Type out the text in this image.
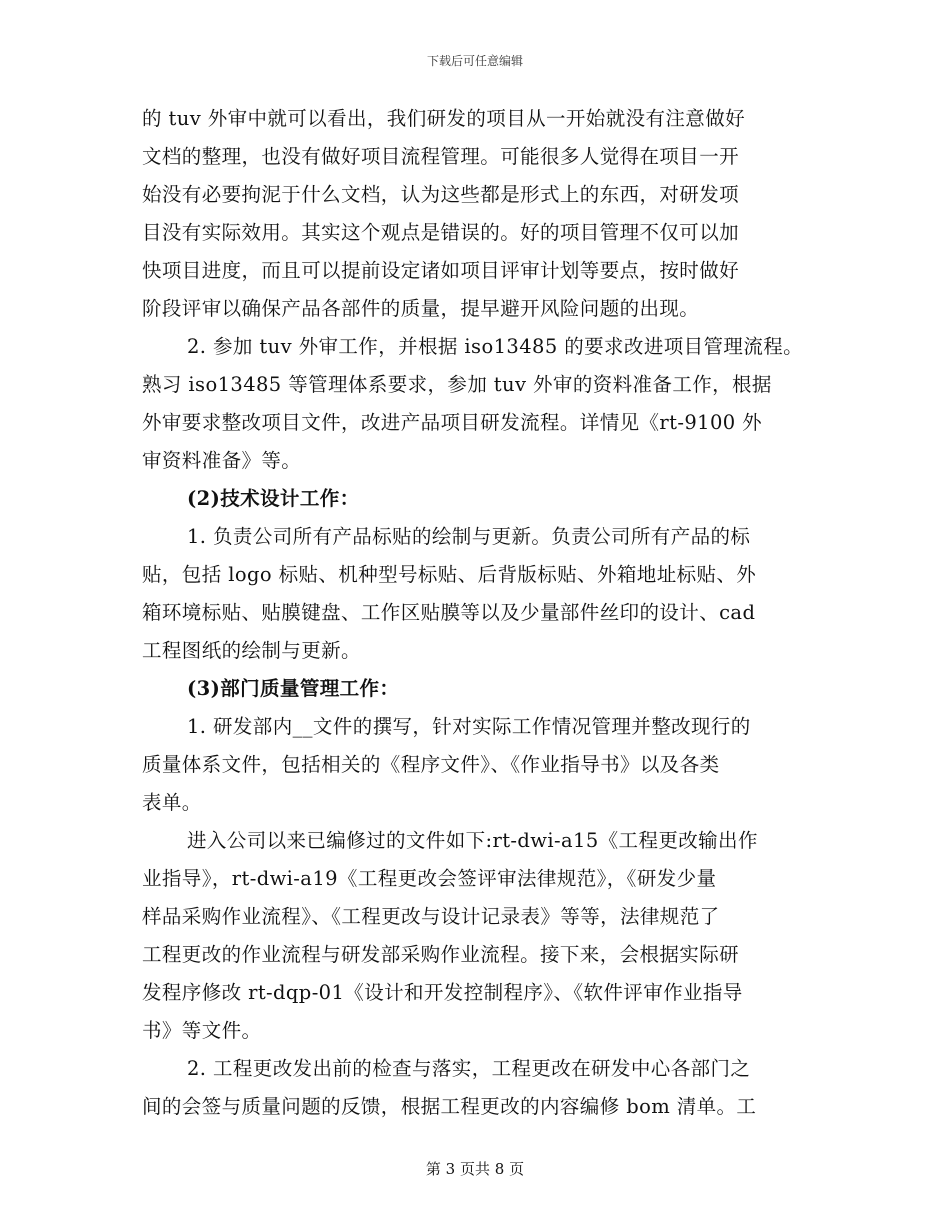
下载后可任意编辑
的 tuv 外审中就可以看出，我们研发的项目从一开始就没有注意做好
文档的整理，也没有做好项目流程管理。可能很多人觉得在项目一开
始没有必要拘泥于什么文档，认为这些都是形式上的东西，对研发项
目没有实际效用。其实这个观点是错误的。好的项目管理不仅可以加
快项目进度，而且可以提前设定诸如项目评审计划等要点，按时做好
阶段评审以确保产品各部件的质量，提早避开风险问题的出现。
2. 参加 tuv 外审工作，并根据 iso13485 的要求改进项目管理流程。
熟习 iso13485 等管理体系要求，参加 tuv 外审的资料准备工作，根据
外审要求整改项目文件，改进产品项目研发流程。详情见《rt-9100 外
审资料准备》等。
(2)技术设计工作：
1. 负责公司所有产品标贴的绘制与更新。负责公司所有产品的标
贴，包括 logo 标贴、机种型号标贴、后背版标贴、外箱地址标贴、外
箱环境标贴、贴膜键盘、工作区贴膜等以及少量部件丝印的设计、cad
工程图纸的绘制与更新。
(3)部门质量管理工作：
1. 研发部内__文件的撰写，针对实际工作情况管理并整改现行的
质量体系文件，包括相关的《程序文件》、《作业指导书》以及各类
表单。
进入公司以来已编修过的文件如下:rt-dwi-a15《工程更改输出作
业指导》，rt-dwi-a19《工程更改会签评审法律规范》，《研发少量
样品采购作业流程》、《工程更改与设计记录表》等等，法律规范了
工程更改的作业流程与研发部采购作业流程。接下来，会根据实际研
发程序修改 rt-dqp-01《设计和开发控制程序》、《软件评审作业指导
书》等文件。
2. 工程更改发出前的检查与落实，工程更改在研发中心各部门之
间的会签与质量问题的反馈，根据工程更改的内容编修 bom 清单。工
第 3 页共 8 页
